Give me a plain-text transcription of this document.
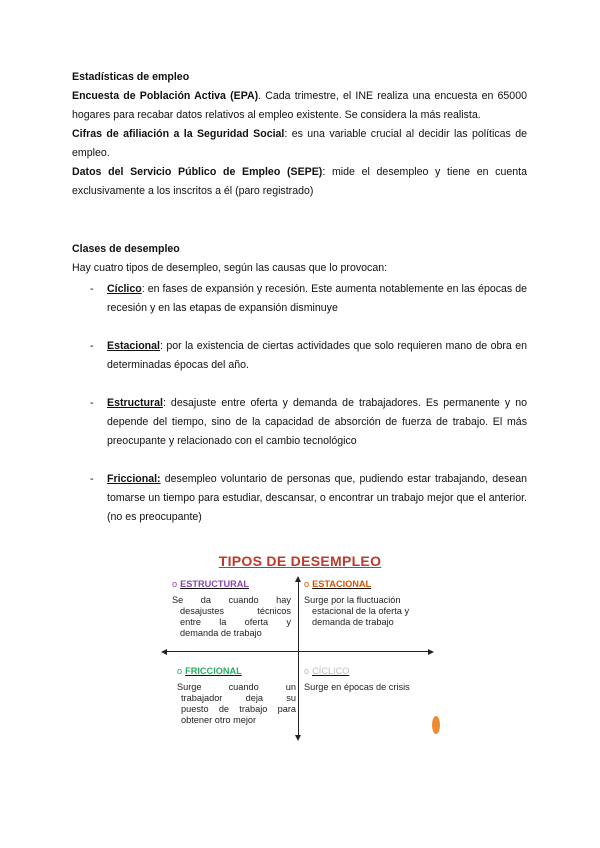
Estadísticas de empleo

Encuesta de Población Activa (EPA). Cada trimestre, el INE realiza una encuesta en 65000 hogares para recabar datos relativos al empleo existente. Se considera la más realista.

Cifras de afiliación a la Seguridad Social: es una variable crucial al decidir las políticas de empleo.

Datos del Servicio Público de Empleo (SEPE): mide el desempleo y tiene en cuenta exclusivamente a los inscritos a él (paro registrado)

Clases de desempleo

Hay cuatro tipos de desempleo, según las causas que lo provocan:

- Cíclico: en fases de expansión y recesión. Este aumenta notablemente en las épocas de recesión y en las etapas de expansión disminuye
- Estacional: por la existencia de ciertas actividades que solo requieren mano de obra en determinadas épocas del año.
- Estructural: desajuste entre oferta y demanda de trabajadores. Es permanente y no depende del tiempo, sino de la capacidad de absorción de fuerza de trabajo. El más preocupante y relacionado con el cambio tecnológico
- Friccional: desempleo voluntario de personas que, pudiendo estar trabajando, desean tomarse un tiempo para estudiar, descansar, o encontrar un trabajo mejor que el anterior. (no es preocupante)
TIPOS DE DESEMPLEO
o ESTRUCTURAL
Se da cuando hay
desajustes técnicos
entre la oferta y
demanda de trabajo
o ESTACIONAL
Surge por la fluctuación
estacional de la oferta y
demanda de trabajo
o FRICCIONAL
Surge cuando un
trabajador deja su
puesto de trabajo para
obtener otro mejor
o CÍCLICO
Surge en épocas de crisis
